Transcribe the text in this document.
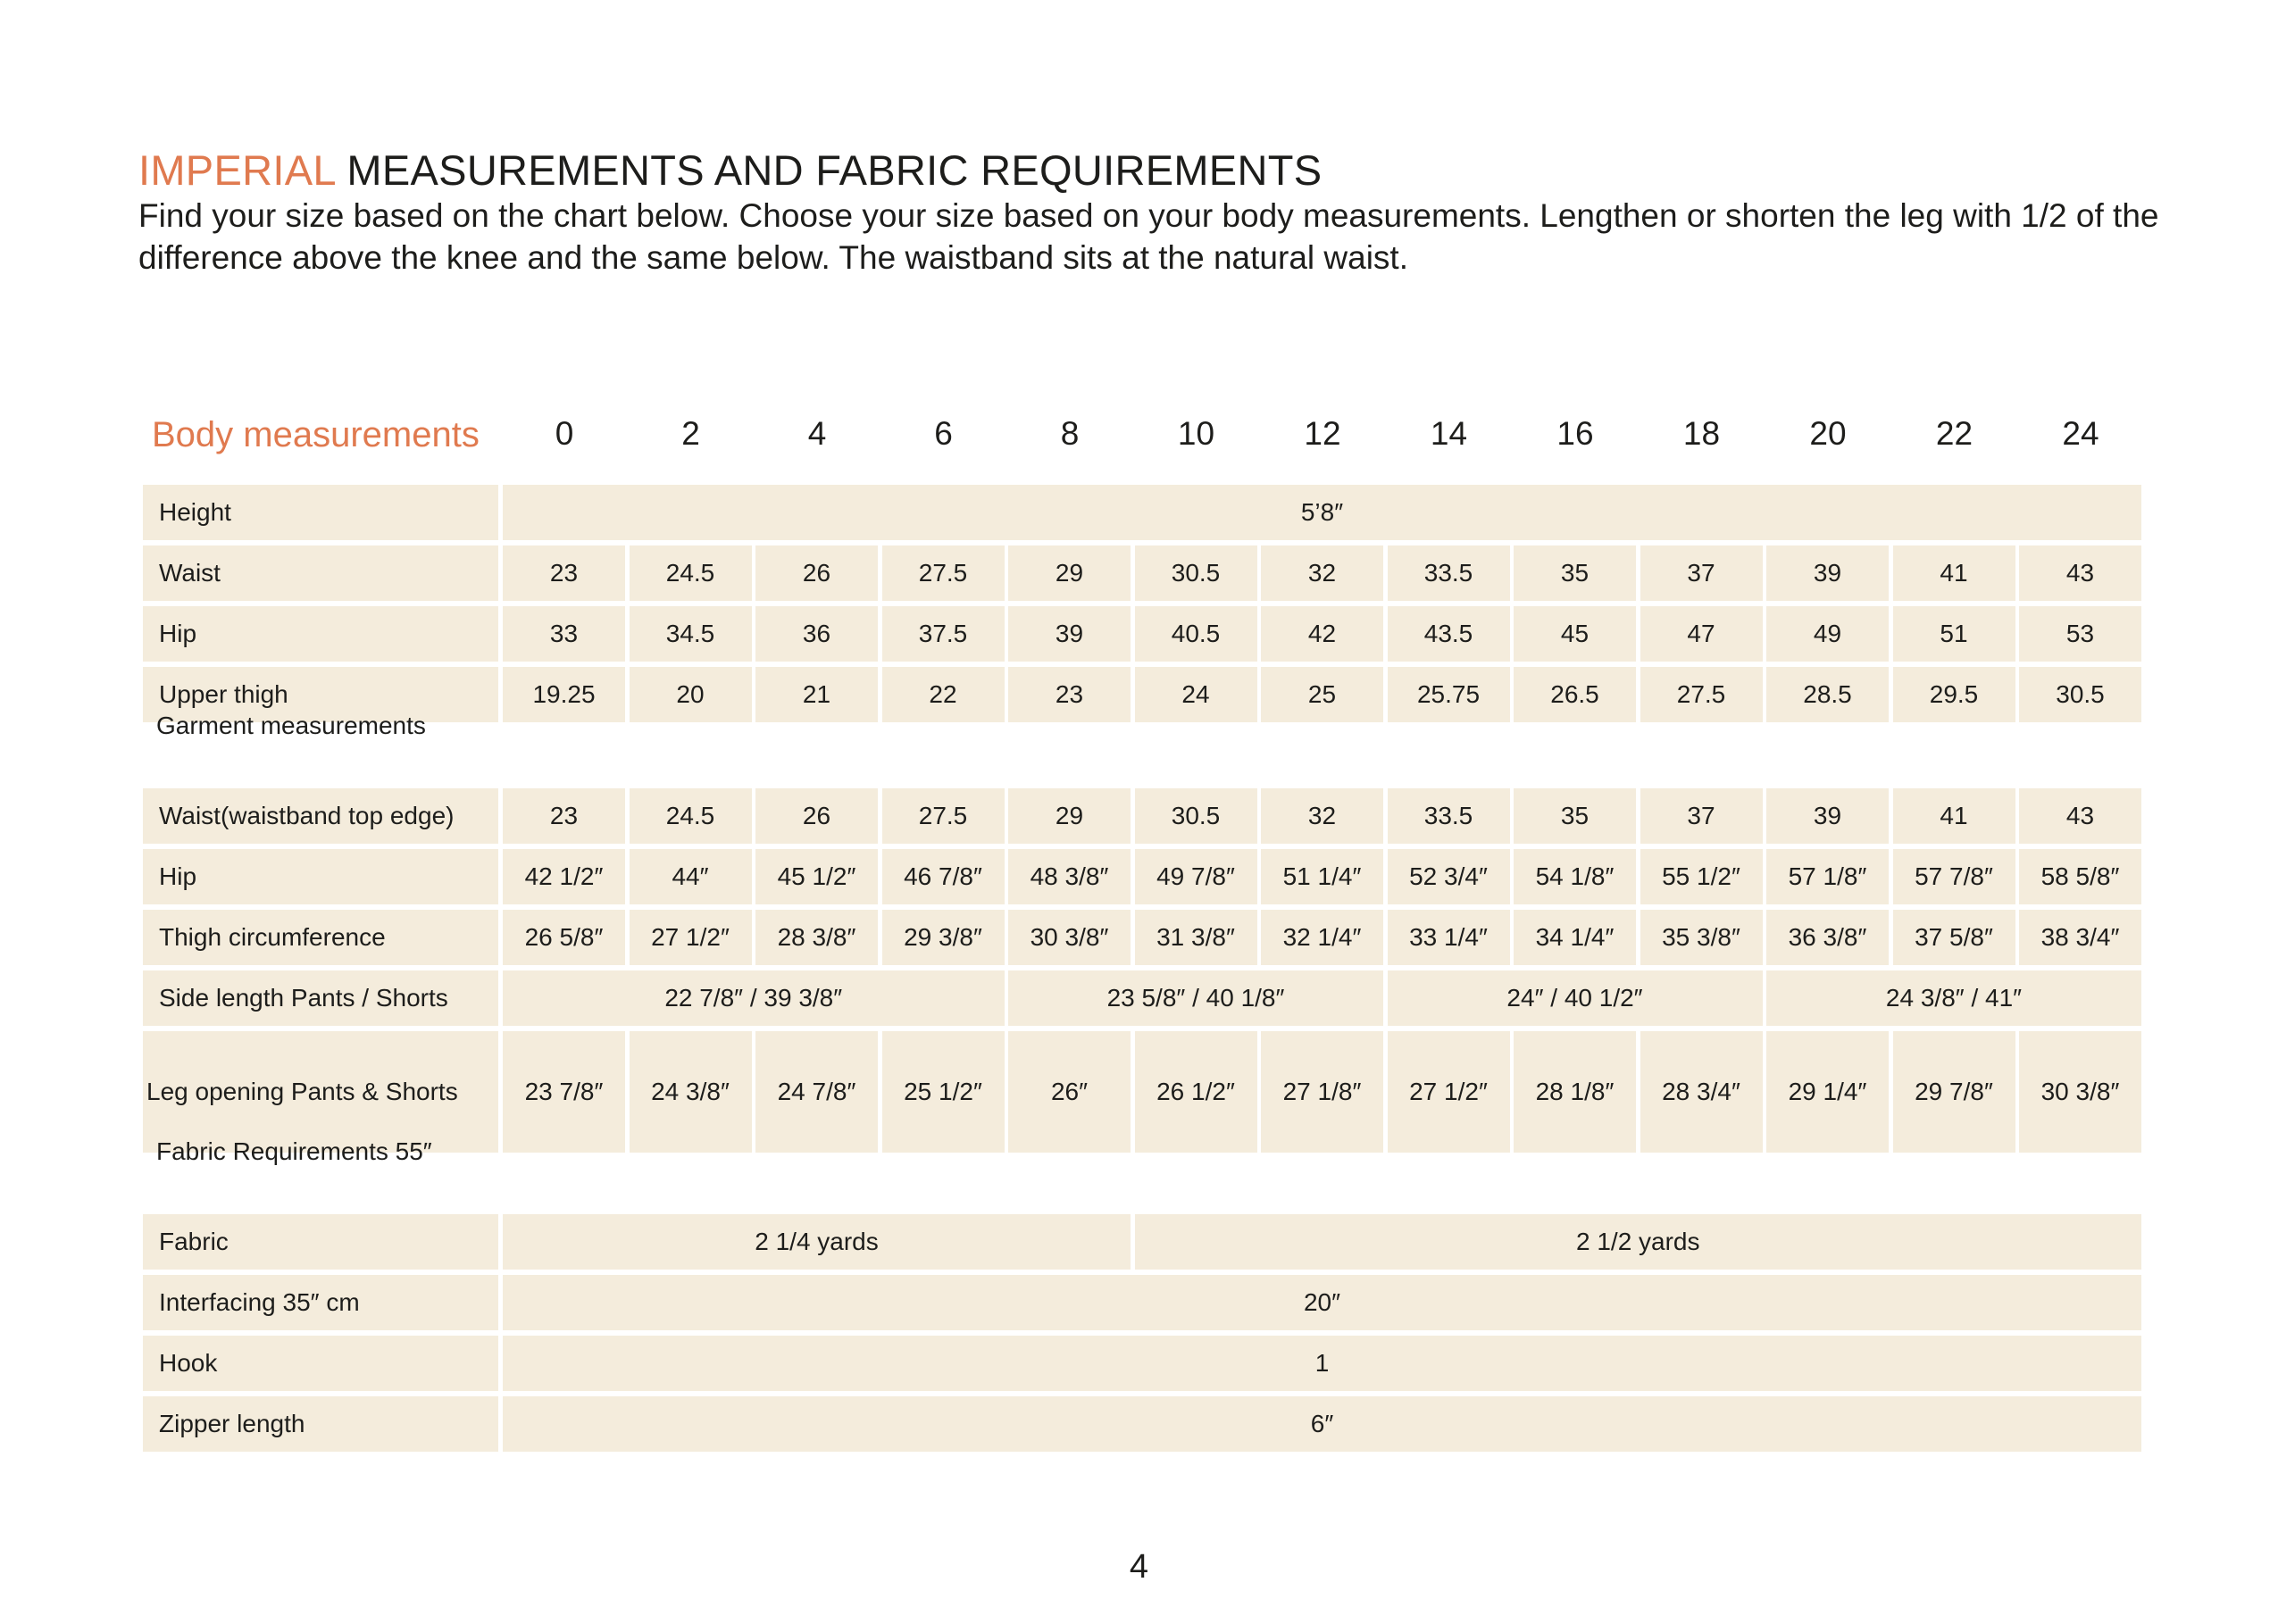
IMPERIAL MEASUREMENTS AND FABRIC REQUIREMENTS
Find your size based on the chart below. Choose your size based on your body measurements. Lengthen or shorten the leg with 1/2 of the difference above the knee and the same below. The waistband sits at the natural waist.
Body measurements	0	2	4	6	8	10	12	14	16	18	20	22	24
Height	5’8″
Waist	23	24.5	26	27.5	29	30.5	32	33.5	35	37	39	41	43
Hip	33	34.5	36	37.5	39	40.5	42	43.5	45	47	49	51	53
Upper thigh	19.25	20	21	22	23	24	25	25.75	26.5	27.5	28.5	29.5	30.5
Garment measurements
Waist(waistband top edge)	23	24.5	26	27.5	29	30.5	32	33.5	35	37	39	41	43
Hip	42 1/2″	44″	45 1/2″	46 7/8″	48 3/8″	49 7/8″	51 1/4″	52 3/4″	54 1/8″	55 1/2″	57 1/8″	57 7/8″	58 5/8″
Thigh circumference	26 5/8″	27 1/2″	28 3/8″	29 3/8″	30 3/8″	31 3/8″	32 1/4″	33 1/4″	34 1/4″	35 3/8″	36 3/8″	37 5/8″	38 3/4″
Side length Pants / Shorts	22 7/8″ / 39 3/8″	23 5/8″ / 40 1/8″	24″ / 40 1/2″	24 3/8″ / 41″
Leg opening Pants & Shorts	23 7/8″	24 3/8″	24 7/8″	25 1/2″	26″	26 1/2″	27 1/8″	27 1/2″	28 1/8″	28 3/4″	29 1/4″	29 7/8″	30 3/8″
Fabric Requirements 55″
Fabric	2 1/4 yards	2 1/2 yards
Interfacing 35″ cm	20″
Hook	1
Zipper length	6″
4
